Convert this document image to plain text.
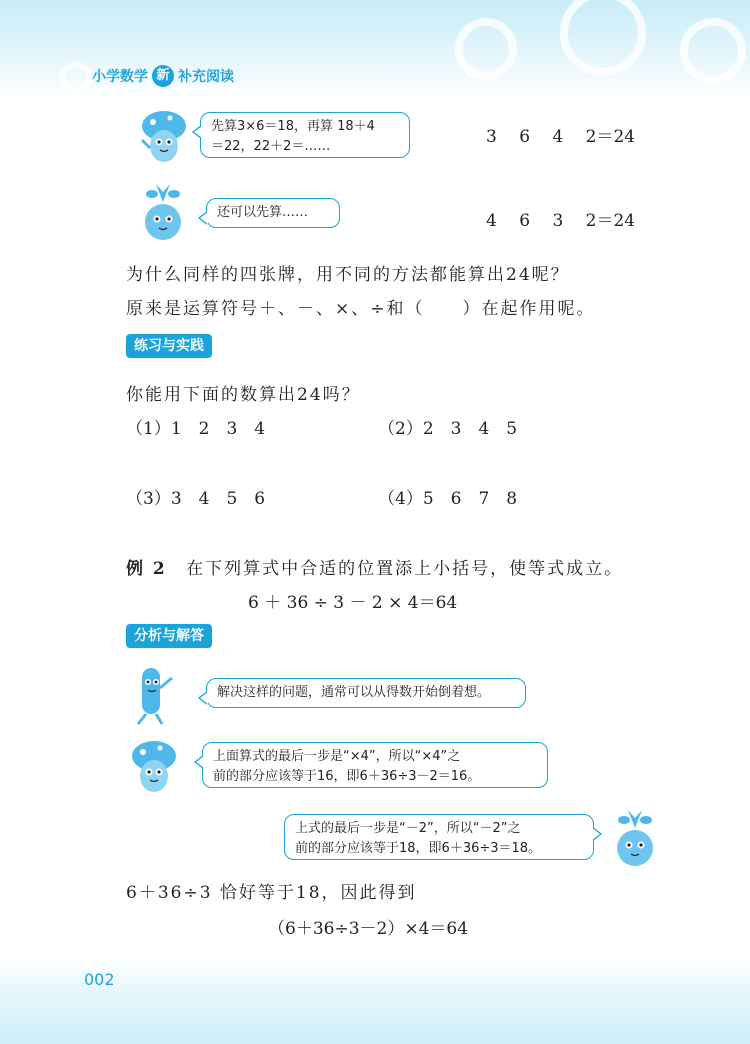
小学数学 新 补充阅读
先算3×6＝18，再算 18＋4
＝22，22＋2＝……	3　 6　 4　 2＝24
还可以先算……	4　 6　 3　 2＝24
为什么同样的四张牌，用不同的方法都能算出24呢？
原来是运算符号＋、－、×、÷和（　　）在起作用呢。
练习与实践
你能用下面的数算出24吗？
（1）1　2　3　4	（2）2　3　4　5
（3）3　4　5　6	（4）5　6　7　8
例 2 在下列算式中合适的位置添上小括号，使等式成立。
6 ＋ 36 ÷ 3 － 2 × 4＝64
分析与解答
解决这样的问题，通常可以从得数开始倒着想。
上面算式的最后一步是“×4”，所以“×4”之
前的部分应该等于16，即6＋36÷3－2＝16。
上式的最后一步是“－2”，所以“－2”之
前的部分应该等于18，即6＋36÷3＝18。
6＋36÷3 恰好等于18，因此得到
（6＋36÷3－2）×4＝64
002
